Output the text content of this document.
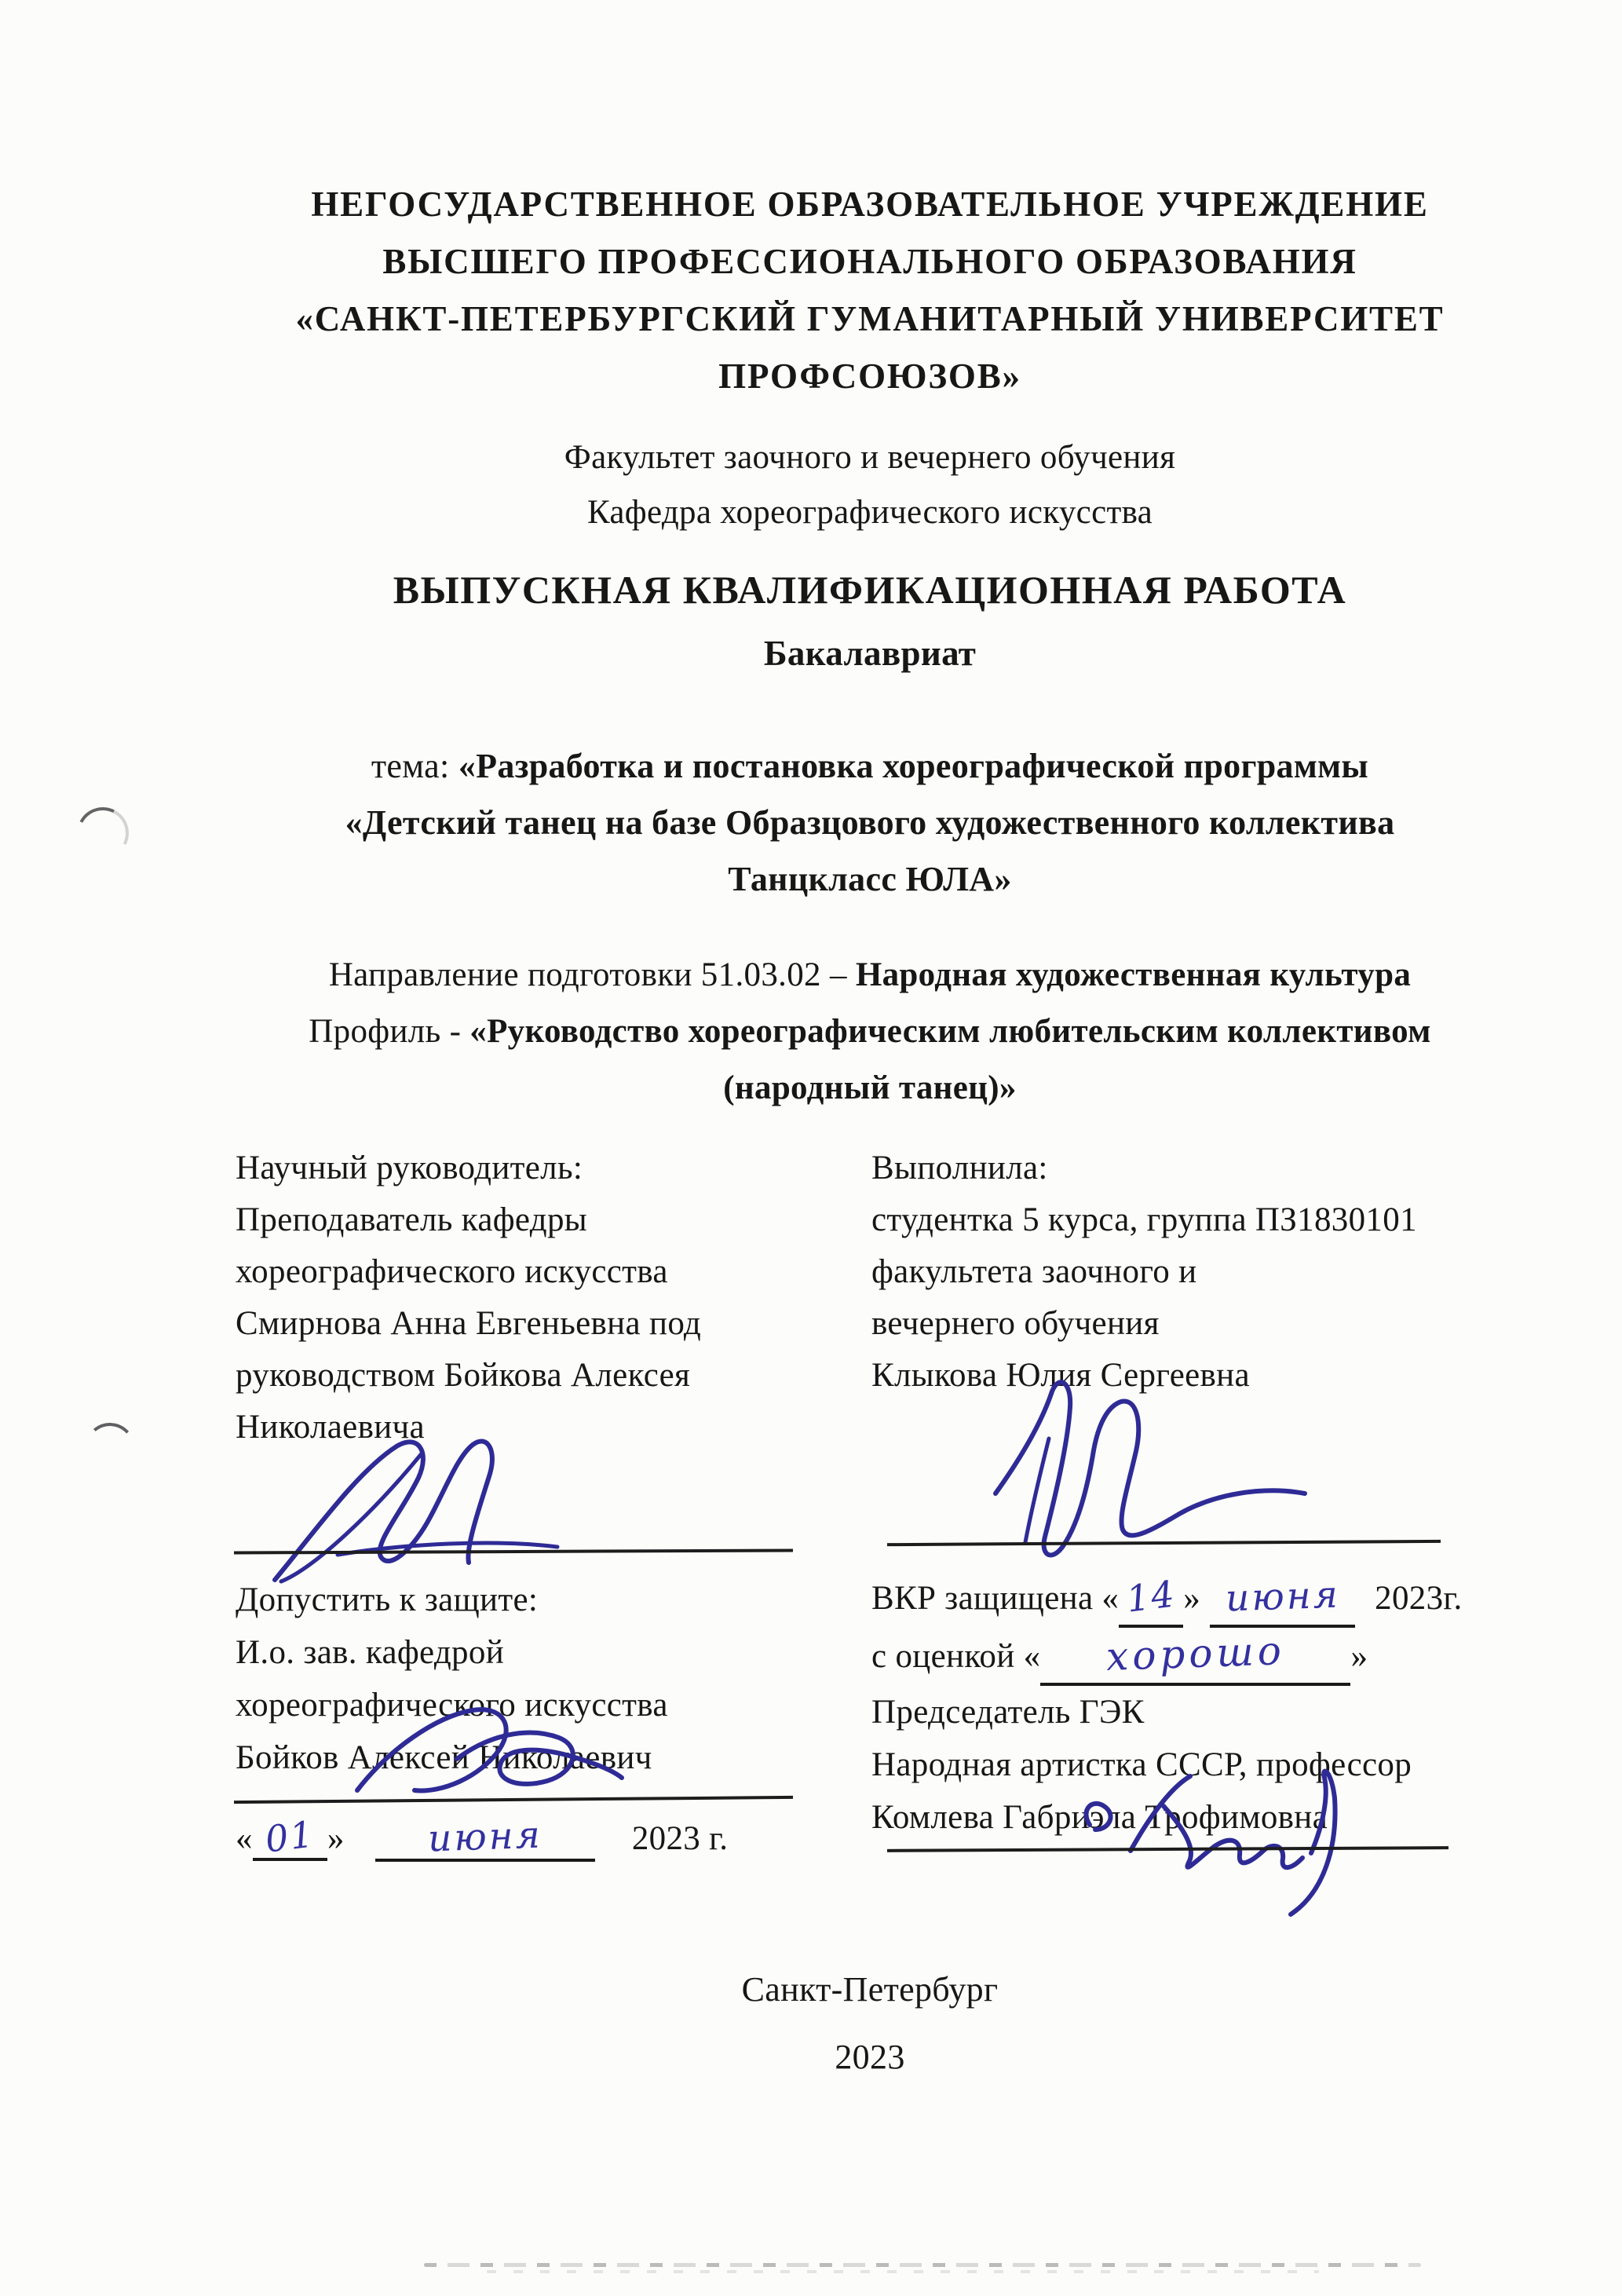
НЕГОСУДАРСТВЕННОЕ ОБРАЗОВАТЕЛЬНОЕ УЧРЕЖДЕНИЕ
ВЫСШЕГО ПРОФЕССИОНАЛЬНОГО ОБРАЗОВАНИЯ
«САНКТ-ПЕТЕРБУРГСКИЙ ГУМАНИТАРНЫЙ УНИВЕРСИТЕТ
ПРОФСОЮЗОВ»
Факультет заочного и вечернего обучения
Кафедра хореографического искусства
ВЫПУСКНАЯ КВАЛИФИКАЦИОННАЯ РАБОТА
Бакалавриат
тема: «Разработка и постановка хореографической программы
«Детский танец на базе Образцового художественного коллектива
Танцкласс ЮЛА»
Направление подготовки 51.03.02 – Народная художественная культура
Профиль - «Руководство хореографическим любительским коллективом
(народный танец)»
Научный руководитель:
Преподаватель кафедры
хореографического искусства
Смирнова Анна Евгеньевна под
руководством Бойкова Алексея
Николаевича
Выполнила:
студентка 5 курса, группа ПЗ1830101
факультета заочного и
вечернего обучения
Клыкова Юлия Сергеевна
Допустить к защите:
И.о. зав. кафедрой
хореографического искусства
Бойков Алексей Николаевич
« 01 » июня	2023 г.
ВКР защищена « 14 » июня 2023г.
с оценкой « хорошо »
Председатель ГЭК
Народная артистка СССР, профессор
Комлева Габриэла Трофимовна
Санкт-Петербург
2023
